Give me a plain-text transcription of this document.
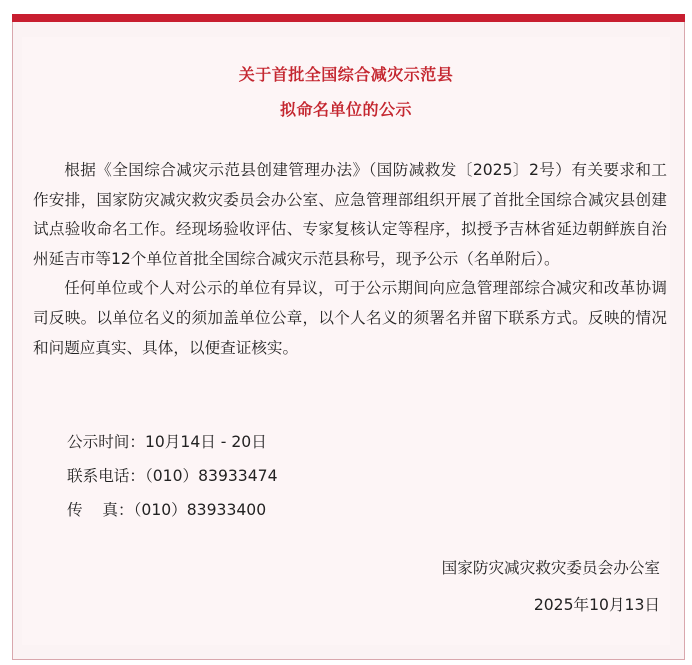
关于首批全国综合减灾示范县
拟命名单位的公示

根据《全国综合减灾示范县创建管理办法》（国防减救发〔2025〕2号）有关要求和工作安排，国家防灾减灾救灾委员会办公室、应急管理部组织开展了首批全国综合减灾县创建试点验收命名工作。经现场验收评估、专家复核认定等程序，拟授予吉林省延边朝鲜族自治州延吉市等12个单位首批全国综合减灾示范县称号，现予公示（名单附后）。

任何单位或个人对公示的单位有异议，可于公示期间向应急管理部综合减灾和改革协调司反映。以单位名义的须加盖单位公章，以个人名义的须署名并留下联系方式。反映的情况和问题应真实、具体，以便查证核实。

公示时间：10月14日 - 20日
联系电话：（010）83933474
传    真：（010）83933400
国家防灾减灾救灾委员会办公室
2025年10月13日
